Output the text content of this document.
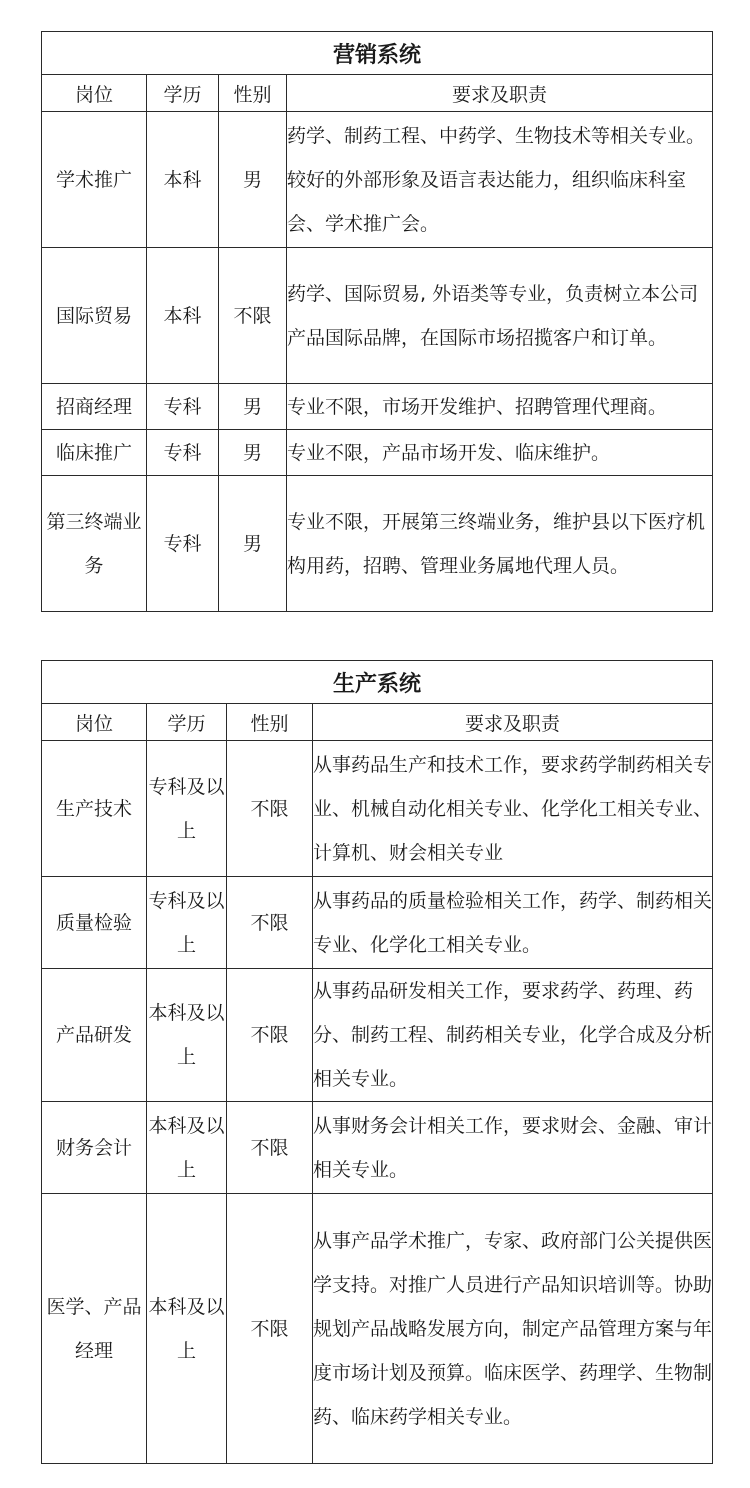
营销系统			
岗位	学历	性别	要求及职责
学术推广	本科	男	药学、制药工程、中药学、生物技术等相关专业。较好的外部形象及语言表达能力，组织临床科室会、学术推广会。
国际贸易	本科	不限	药学、国际贸易, 外语类等专业，负责树立本公司产品国际品牌，在国际市场招揽客户和订单。
招商经理	专科	男	专业不限，市场开发维护、招聘管理代理商。
临床推广	专科	男	专业不限，产品市场开发、临床维护。
第三终端业务	专科	男	专业不限，开展第三终端业务，维护县以下医疗机构用药，招聘、管理业务属地代理人员。
生产系统			
岗位	学历	性别	要求及职责
生产技术	专科及以上	不限	从事药品生产和技术工作，要求药学制药相关专业、机械自动化相关专业、化学化工相关专业、计算机、财会相关专业
质量检验	专科及以上	不限	从事药品的质量检验相关工作，药学、制药相关专业、化学化工相关专业。
产品研发	本科及以上	不限	从事药品研发相关工作，要求药学、药理、药分、制药工程、制药相关专业，化学合成及分析相关专业。
财务会计	本科及以上	不限	从事财务会计相关工作，要求财会、金融、审计相关专业。
医学、产品经理	本科及以上	不限	从事产品学术推广，专家、政府部门公关提供医学支持。对推广人员进行产品知识培训等。协助规划产品战略发展方向，制定产品管理方案与年度市场计划及预算。临床医学、药理学、生物制药、临床药学相关专业。
